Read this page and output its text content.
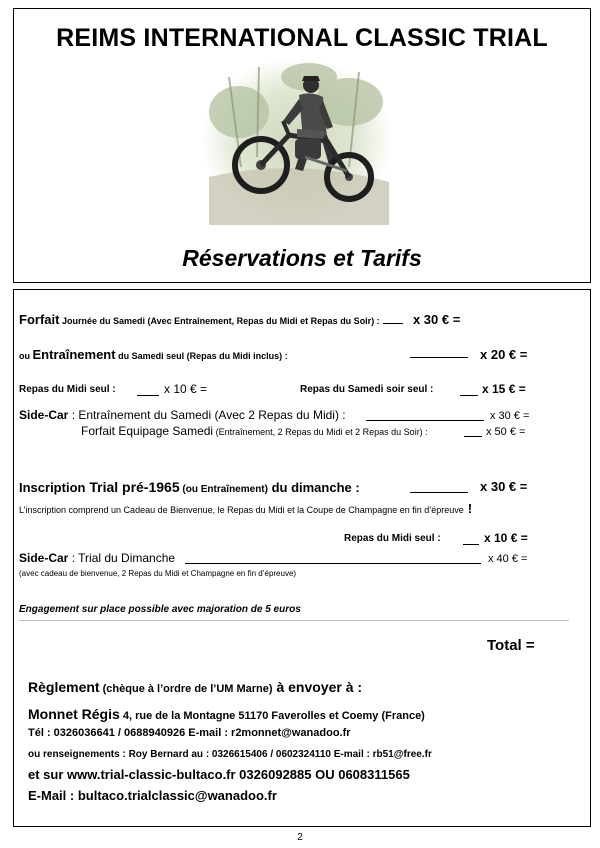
REIMS INTERNATIONAL CLASSIC TRIAL
Réservations et Tarifs
Forfait Journée du Samedi (Avec Entraînement, Repas du Midi et Repas du Soir) :	x 30 € =
ou Entraînement du Samedi seul (Repas du Midi inclus) :	x 20 € =
Repas du Midi seul :	x 10 € =	Repas du Samedi soir seul :	x 15 € =
Side-Car : Entraînement du Samedi (Avec 2 Repas du Midi) :	x 30 € =
Forfait Equipage Samedi (Entraînement, 2 Repas du Midi et 2 Repas du Soir) :	x 50 € =
Inscription Trial pré-1965 (ou Entraînement) du dimanche :	x 30 € =
L’inscription comprend un Cadeau de Bienvenue, le Repas du Midi et la Coupe de Champagne en fin d’épreuve !
Repas du Midi seul :	x 10 € =
Side-Car : Trial du Dimanche	x 40 € =
(avec cadeau de bienvenue, 2 Repas du Midi et Champagne en fin d’épreuve)
Engagement sur place possible avec majoration de 5 euros
Total =
Règlement (chèque à l’ordre de l’UM Marne) à envoyer à :
Monnet Régis 4, rue de la Montagne 51170 Faverolles et Coemy (France)
Tél : 0326036641 / 0688940926 E-mail : r2monnet@wanadoo.fr
ou renseignements : Roy Bernard au : 0326615406 / 0602324110 E-mail : rb51@free.fr
et sur www.trial-classic-bultaco.fr 0326092885 OU 0608311565
E-Mail : bultaco.trialclassic@wanadoo.fr
2
